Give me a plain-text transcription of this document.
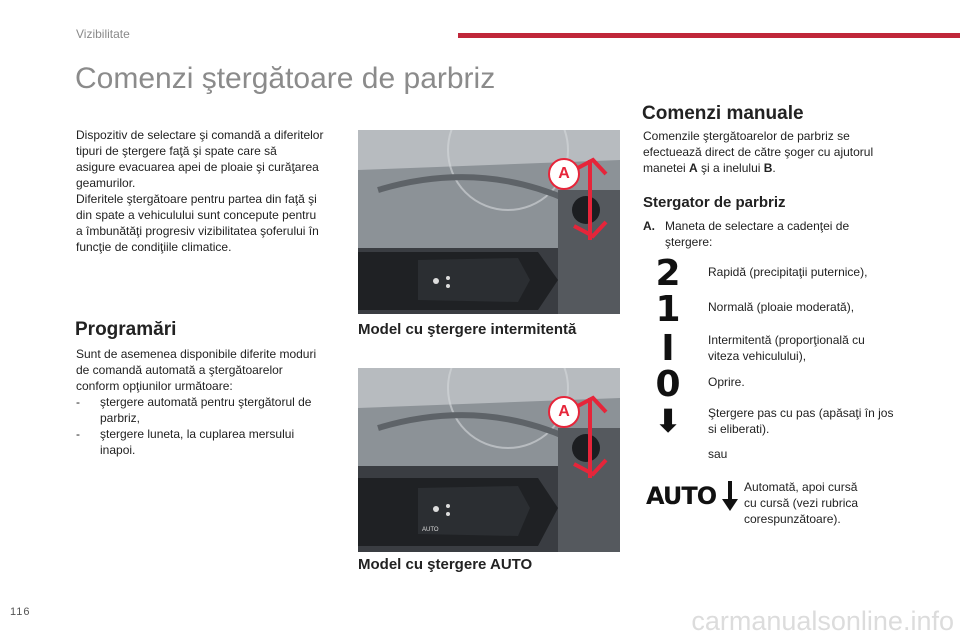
Vizibilitate
Comenzi ştergătoare de parbriz
Dispozitiv de selectare şi comandă a diferitelor
tipuri de ştergere faţă şi spate care să
asigure evacuarea apei de ploaie şi curăţarea
geamurilor.
Diferitele ştergătoare pentru partea din faţă şi
din spate a vehiculului sunt concepute pentru
a îmbunătăţi progresiv vizibilitatea şoferului în
funcţie de condiţiile climatice.
Programări
Sunt de asemenea disponibile diferite moduri
de comandă automată a ştergătoarelor
conform opţiunilor următoare:
- ştergere automată pentru ştergătorul de
parbriz,
- ştergere luneta, la cuplarea mersului
inapoi.
A
Model cu ştergere intermitentă
AUTO
A
Model cu ştergere AUTO
Comenzi manuale
Comenzile ştergătoarelor de parbriz se
efectuează direct de către şoger cu ajutorul
manetei A şi a inelului B.
Stergator de parbriz
A. Maneta de selectare a cadenţei de
ştergere:
2	Rapidă (precipitaţii puternice),
1	Normală (ploaie moderată),
I	Intermitentă (proporţională cu
viteza vehiculului),
0	Oprire.
⬇	Ştergere pas cu pas (apăsaţi în jos
si eliberati).
sau
AUTO Automată, apoi cursă
cu cursă (vezi rubrica
corespunzătoare).
116	carmanualsonline.info
